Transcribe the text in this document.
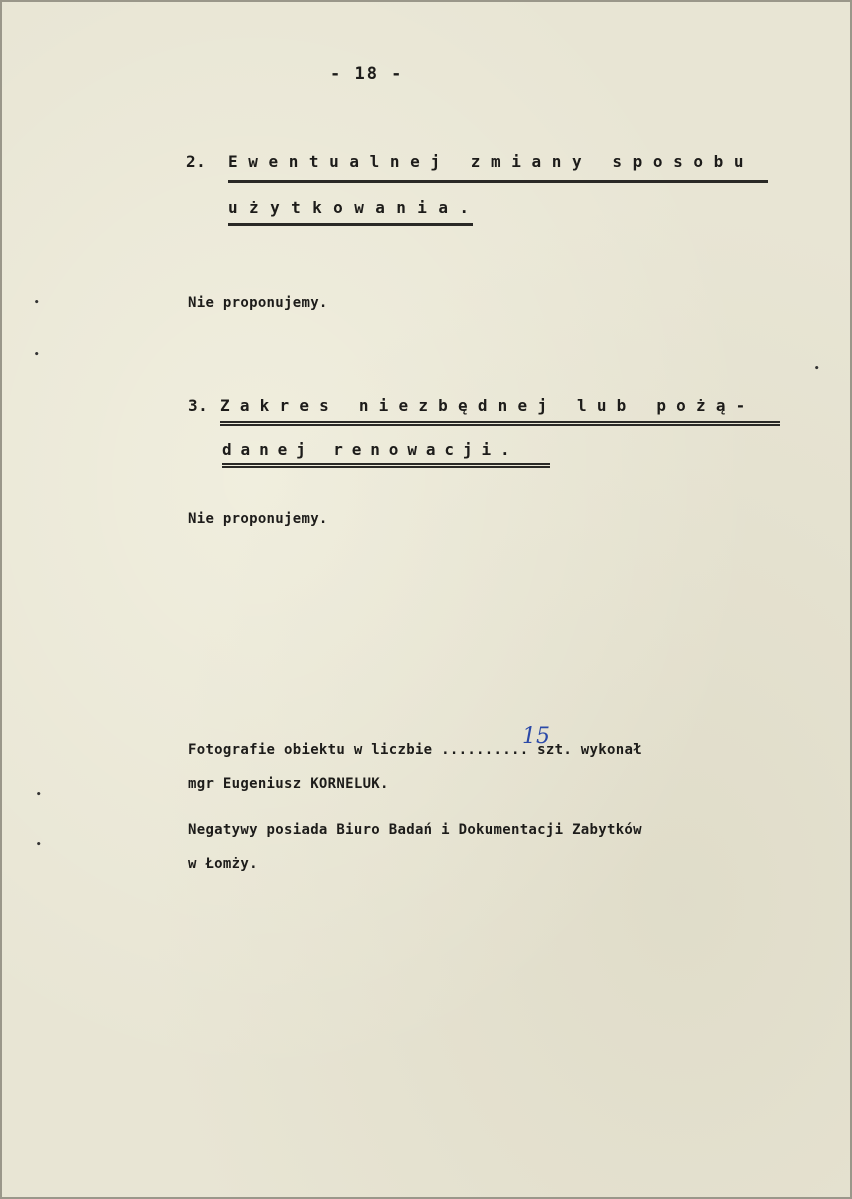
- 18 -
2. Ewentualnej zmiany sposobu
użytkowania.
Nie proponujemy.
3. Zakres niezbędnej lub pożą-
danej renowacji.
Nie proponujemy.
Fotografie obiektu w liczbie .......... szt. wykonał
15
mgr Eugeniusz KORNELUK.
Negatywy posiada Biuro Badań i Dokumentacji Zabytków
w Łomży.
•
•
•
•
•
